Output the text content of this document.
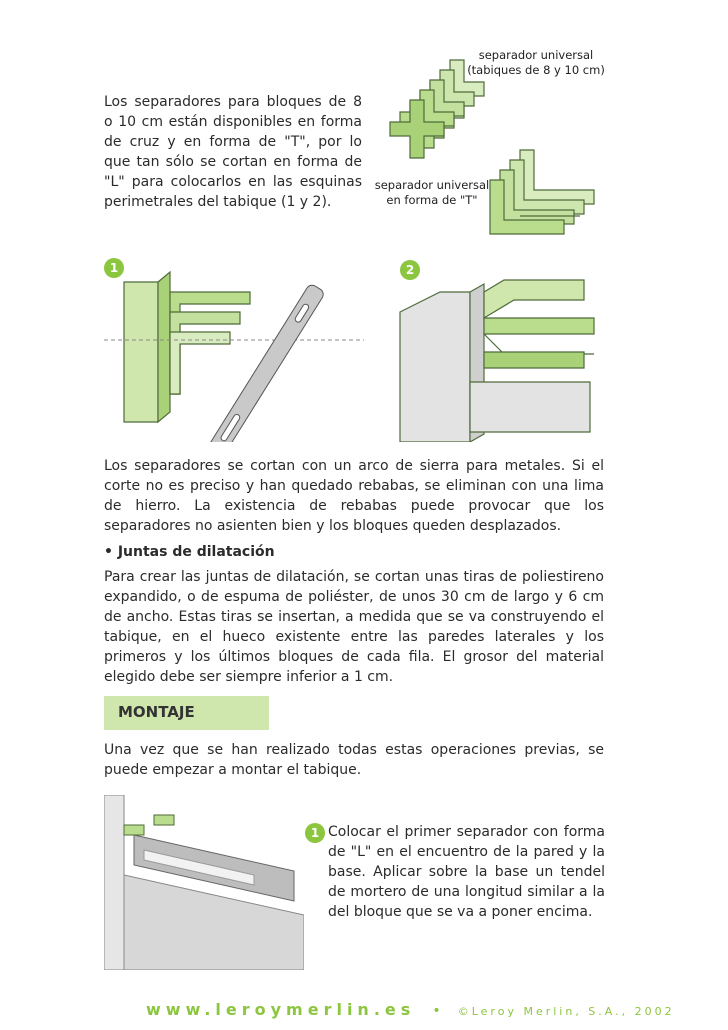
Los separadores para bloques de 8 o 10 cm están disponibles en forma de cruz y en forma de "T", por lo que tan sólo se cortan en forma de "L" para colocarlos en las esquinas perimetrales del tabique (1 y 2).

separador universal
(tabiques de 8 y 10 cm)
separador universal
en forma de "T"
1	2

Los separadores se cortan con un arco de sierra para metales. Si el corte no es preciso y han quedado rebabas, se eliminan con una lima de hierro. La existencia de rebabas puede provocar que los separadores no asienten bien y los bloques queden desplazados.

• Juntas de dilatación

Para crear las juntas de dilatación, se cortan unas tiras de poliestireno expandido, o de espuma de poliéster, de unos 30 cm de largo y 6 cm de ancho. Estas tiras se insertan, a medida que se va construyendo el tabique, en el hueco existente entre las paredes laterales y los primeros y los últimos bloques de cada fila. El grosor del material elegido debe ser siempre inferior a 1 cm.

MONTAJE

Una vez que se han realizado todas estas operaciones previas, se puede empezar a montar el tabique.

1 Colocar el primer separador con forma de "L" en el encuentro de la pared y la base. Aplicar sobre la base un tendel de mortero de una longitud similar a la del bloque que se va a poner encima.

www.leroymerlin.es • ©Leroy Merlin, S.A., 2002
